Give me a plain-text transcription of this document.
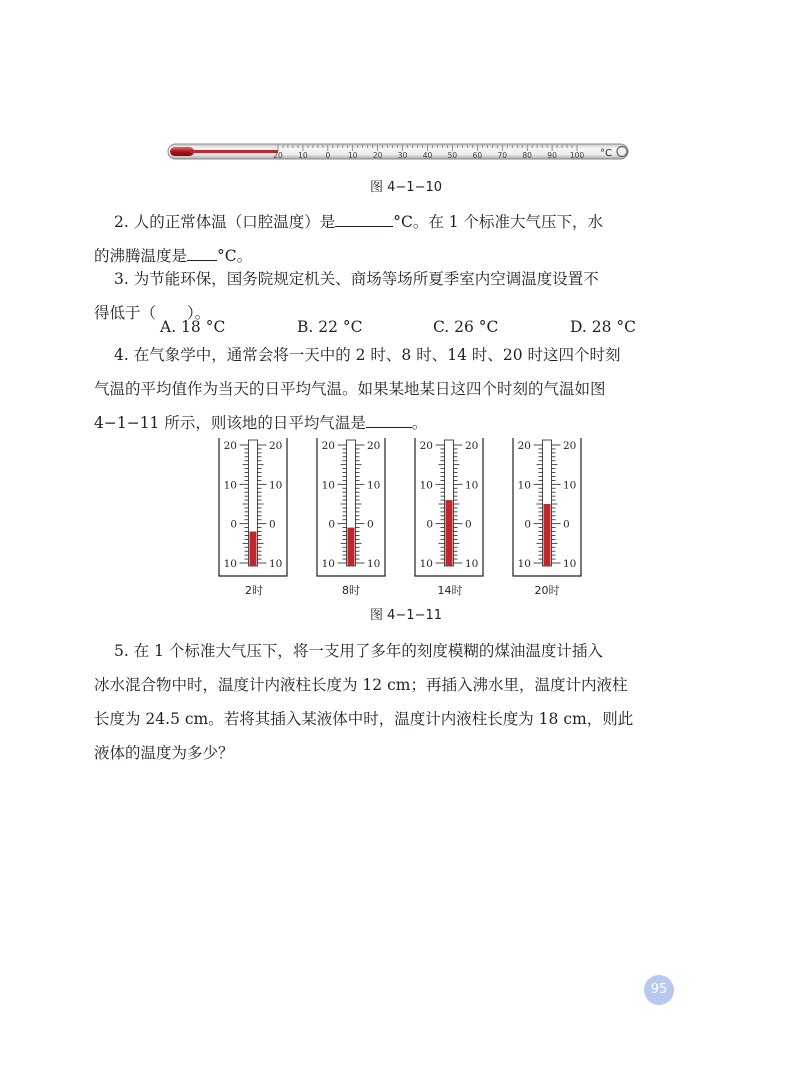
20 10 0 10 20 30 40 50 60 70 80 90 100 °C
图 4−1−10
2. 人的正常体温（口腔温度）是	°C。在 1 个标准大气压下，水
的沸腾温度是 °C。
3. 为节能环保，国务院规定机关、商场等场所夏季室内空调温度设置不
得低于（　　）。
A. 18 °C	B. 22 °C	C. 26 °C	D. 28 °C
4. 在气象学中，通常会将一天中的 2 时、8 时、14 时、20 时这四个时刻
气温的平均值作为当天的日平均气温。如果某地某日这四个时刻的气温如图
4−1−11 所示，则该地的日平均气温是	。
20	20
10	10
0	0
10	10
20	20
10	10
0	0
10	10
20	20
10	10
0	0
10	10
20	20
10	10
0	0
10	10
2时	8时	14时	20时
图 4−1−11
5. 在 1 个标准大气压下，将一支用了多年的刻度模糊的煤油温度计插入
冰水混合物中时，温度计内液柱长度为 12 cm；再插入沸水里，温度计内液柱
长度为 24.5 cm。若将其插入某液体中时，温度计内液柱长度为 18 cm，则此
液体的温度为多少？
95
